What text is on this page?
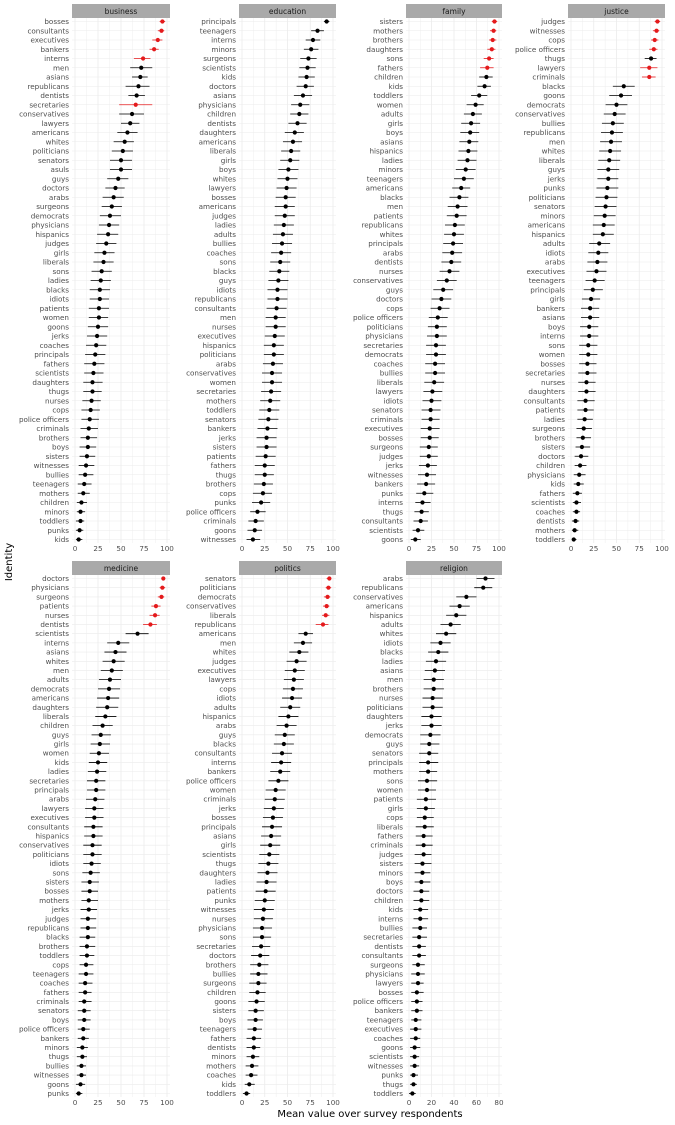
business
0 25 50 75 100
bosses
consultants
executives
bankers
interns
men
asians
republicans
dentists
secretaries
conservatives
lawyers
americans
whites
politicians
senators
asuls
guys
doctors
arabs
surgeons
democrats
physicians
hispanics
judges
girls
liberals
sons
ladies
blacks
idiots
patients
women
goons
jerks
coaches
principals
fathers
scientists
daughters
thugs
nurses
cops
police officers
criminals
brothers
boys
sisters
witnesses
bullies
teenagers
mothers
children
minors
toddlers
punks
kids
education
0 25 50 75 100
principals
teenagers
interns
minors
surgeons
scientists
kids
doctors
asians
physicians
children
dentists
daughters
americans
liberals
girls
boys
whites
lawyers
bosses
americans
judges
ladies
adults
bullies
coaches
sons
blacks
guys
idiots
republicans
consultants
men
nurses
executives
hispanics
politicians
arabs
conservatives
women
secretaries
mothers
toddlers
senators
bankers
jerks
sisters
patients
fathers
thugs
brothers
cops
punks
police officers
criminals
goons
witnesses
family
0 25 50 75 100
sisters
mothers
brothers
daughters
sons
fathers
children
kids
toddlers
women
adults
girls
boys
asians
hispanics
ladies
minors
teenagers
americans
blacks
men
patients
republicans
whites
principals
arabs
dentists
nurses
conservatives
guys
doctors
cops
police officers
politicians
physicians
secretaries
democrats
coaches
bullies
liberals
lawyers
idiots
senators
criminals
executives
bosses
surgeons
judges
jerks
witnesses
bankers
punks
interns
thugs
consultants
scientists
goons
justice
0 25 50 75 100
judges
witnesses
cops
police officers
thugs
lawyers
criminals
blacks
goons
democrats
conservatives
bullies
republicans
men
whites
liberals
guys
jerks
punks
politicians
senators
minors
americans
hispanics
adults
idiots
arabs
executives
teenagers
principals
girls
bankers
asians
boys
interns
sons
women
bosses
secretaries
nurses
daughters
consultants
patients
ladies
surgeons
brothers
sisters
doctors
children
physicians
kids
fathers
scientists
coaches
dentists
mothers
toddlers
medicine
0 25 50 75 100
doctors
physicians
surgeons
patients
nurses
dentists
scientists
interns
asians
whites
men
adults
democrats
americans
daughters
liberals
children
guys
girls
women
kids
ladies
secretaries
principals
arabs
lawyers
executives
consultants
hispanics
conservatives
politicians
idiots
sons
sisters
bosses
mothers
jerks
judges
republicans
blacks
brothers
toddlers
cops
teenagers
coaches
fathers
criminals
senators
boys
police officers
bankers
minors
thugs
bullies
witnesses
goons
punks
politics
0 25 50 75 100
senators
politicians
democrats
conservatives
liberals
republicans
americans
men
whites
judges
executives
lawyers
cops
idiots
adults
hispanics
arabs
guys
blacks
consultants
interns
bankers
police officers
women
criminals
jerks
bosses
principals
asians
girls
scientists
thugs
daughters
ladies
patients
punks
witnesses
nurses
physicians
sons
secretaries
doctors
brothers
bullies
surgeons
children
goons
sisters
boys
teenagers
fathers
dentists
minors
mothers
coaches
kids
toddlers
religion
0 20 40 60 80
arabs
republicans
conservatives
americans
hispanics
adults
whites
idiots
blacks
ladies
asians
men
brothers
nurses
politicians
daughters
jerks
democrats
guys
senators
principals
mothers
sons
women
patients
girls
cops
liberals
fathers
criminals
judges
sisters
minors
boys
doctors
children
kids
interns
bullies
secretaries
dentists
consultants
surgeons
physicians
lawyers
bosses
police officers
bankers
teenagers
executives
coaches
goons
scientists
witnesses
punks
thugs
toddlers
Identity
Mean value over survey respondents
